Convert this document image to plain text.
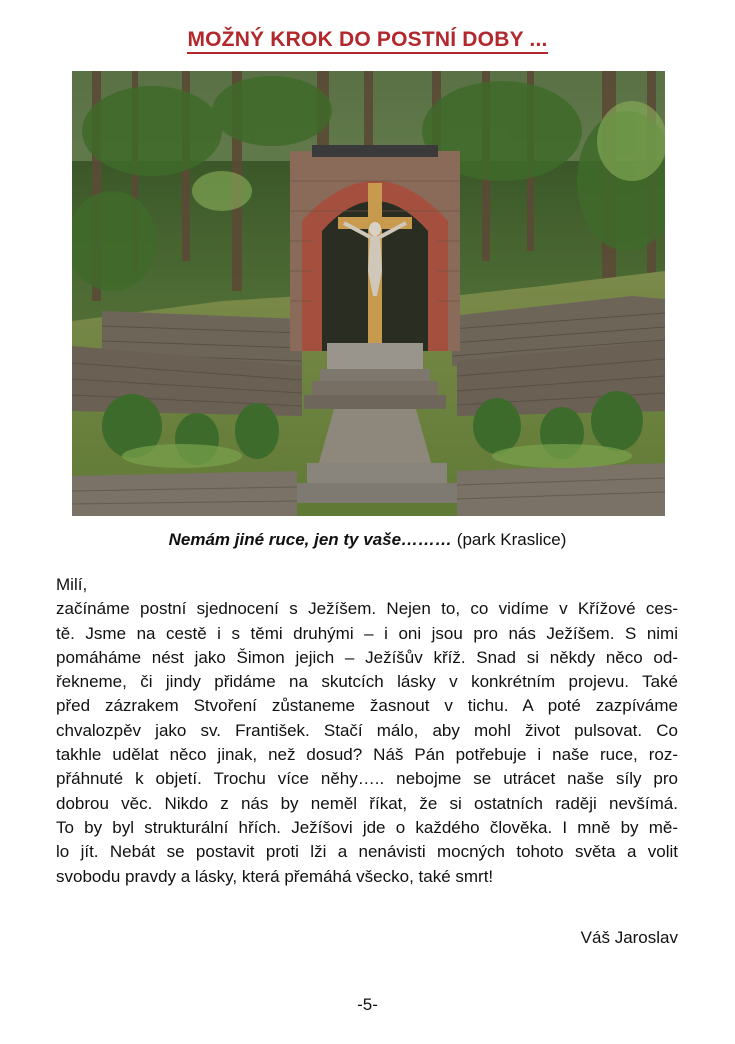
MOŽNÝ KROK DO POSTNÍ DOBY ...
Nemám jiné ruce, jen ty vaše……… (park Kraslice)

Milí,

začínáme postní sjednocení s Ježíšem. Nejen to, co vidíme v Křížové ces-
tě. Jsme na cestě i s těmi druhými – i oni jsou pro nás Ježíšem. S nimi
pomáháme nést jako Šimon jejich – Ježíšův kříž. Snad si někdy něco od-
řekneme, či jindy přidáme na skutcích lásky v konkrétním projevu. Také
před zázrakem Stvoření zůstaneme žasnout v tichu. A poté zazpíváme
chvalozpěv jako sv. František. Stačí málo, aby mohl život pulsovat. Co
takhle udělat něco jinak, než dosud? Náš Pán potřebuje i naše ruce, roz-
přáhnuté k objetí. Trochu více něhy….. nebojme se utrácet naše síly pro
dobrou věc. Nikdo z nás by neměl říkat, že si ostatních raději nevšímá.
To by byl strukturální hřích. Ježíšovi jde o každého člověka. I mně by mě-
lo jít. Nebát se postavit proti lži a nenávisti mocných tohoto světa a volit
svobodu pravdy a lásky, která přemáhá všecko, také smrt!

Váš Jaroslav
-5-
